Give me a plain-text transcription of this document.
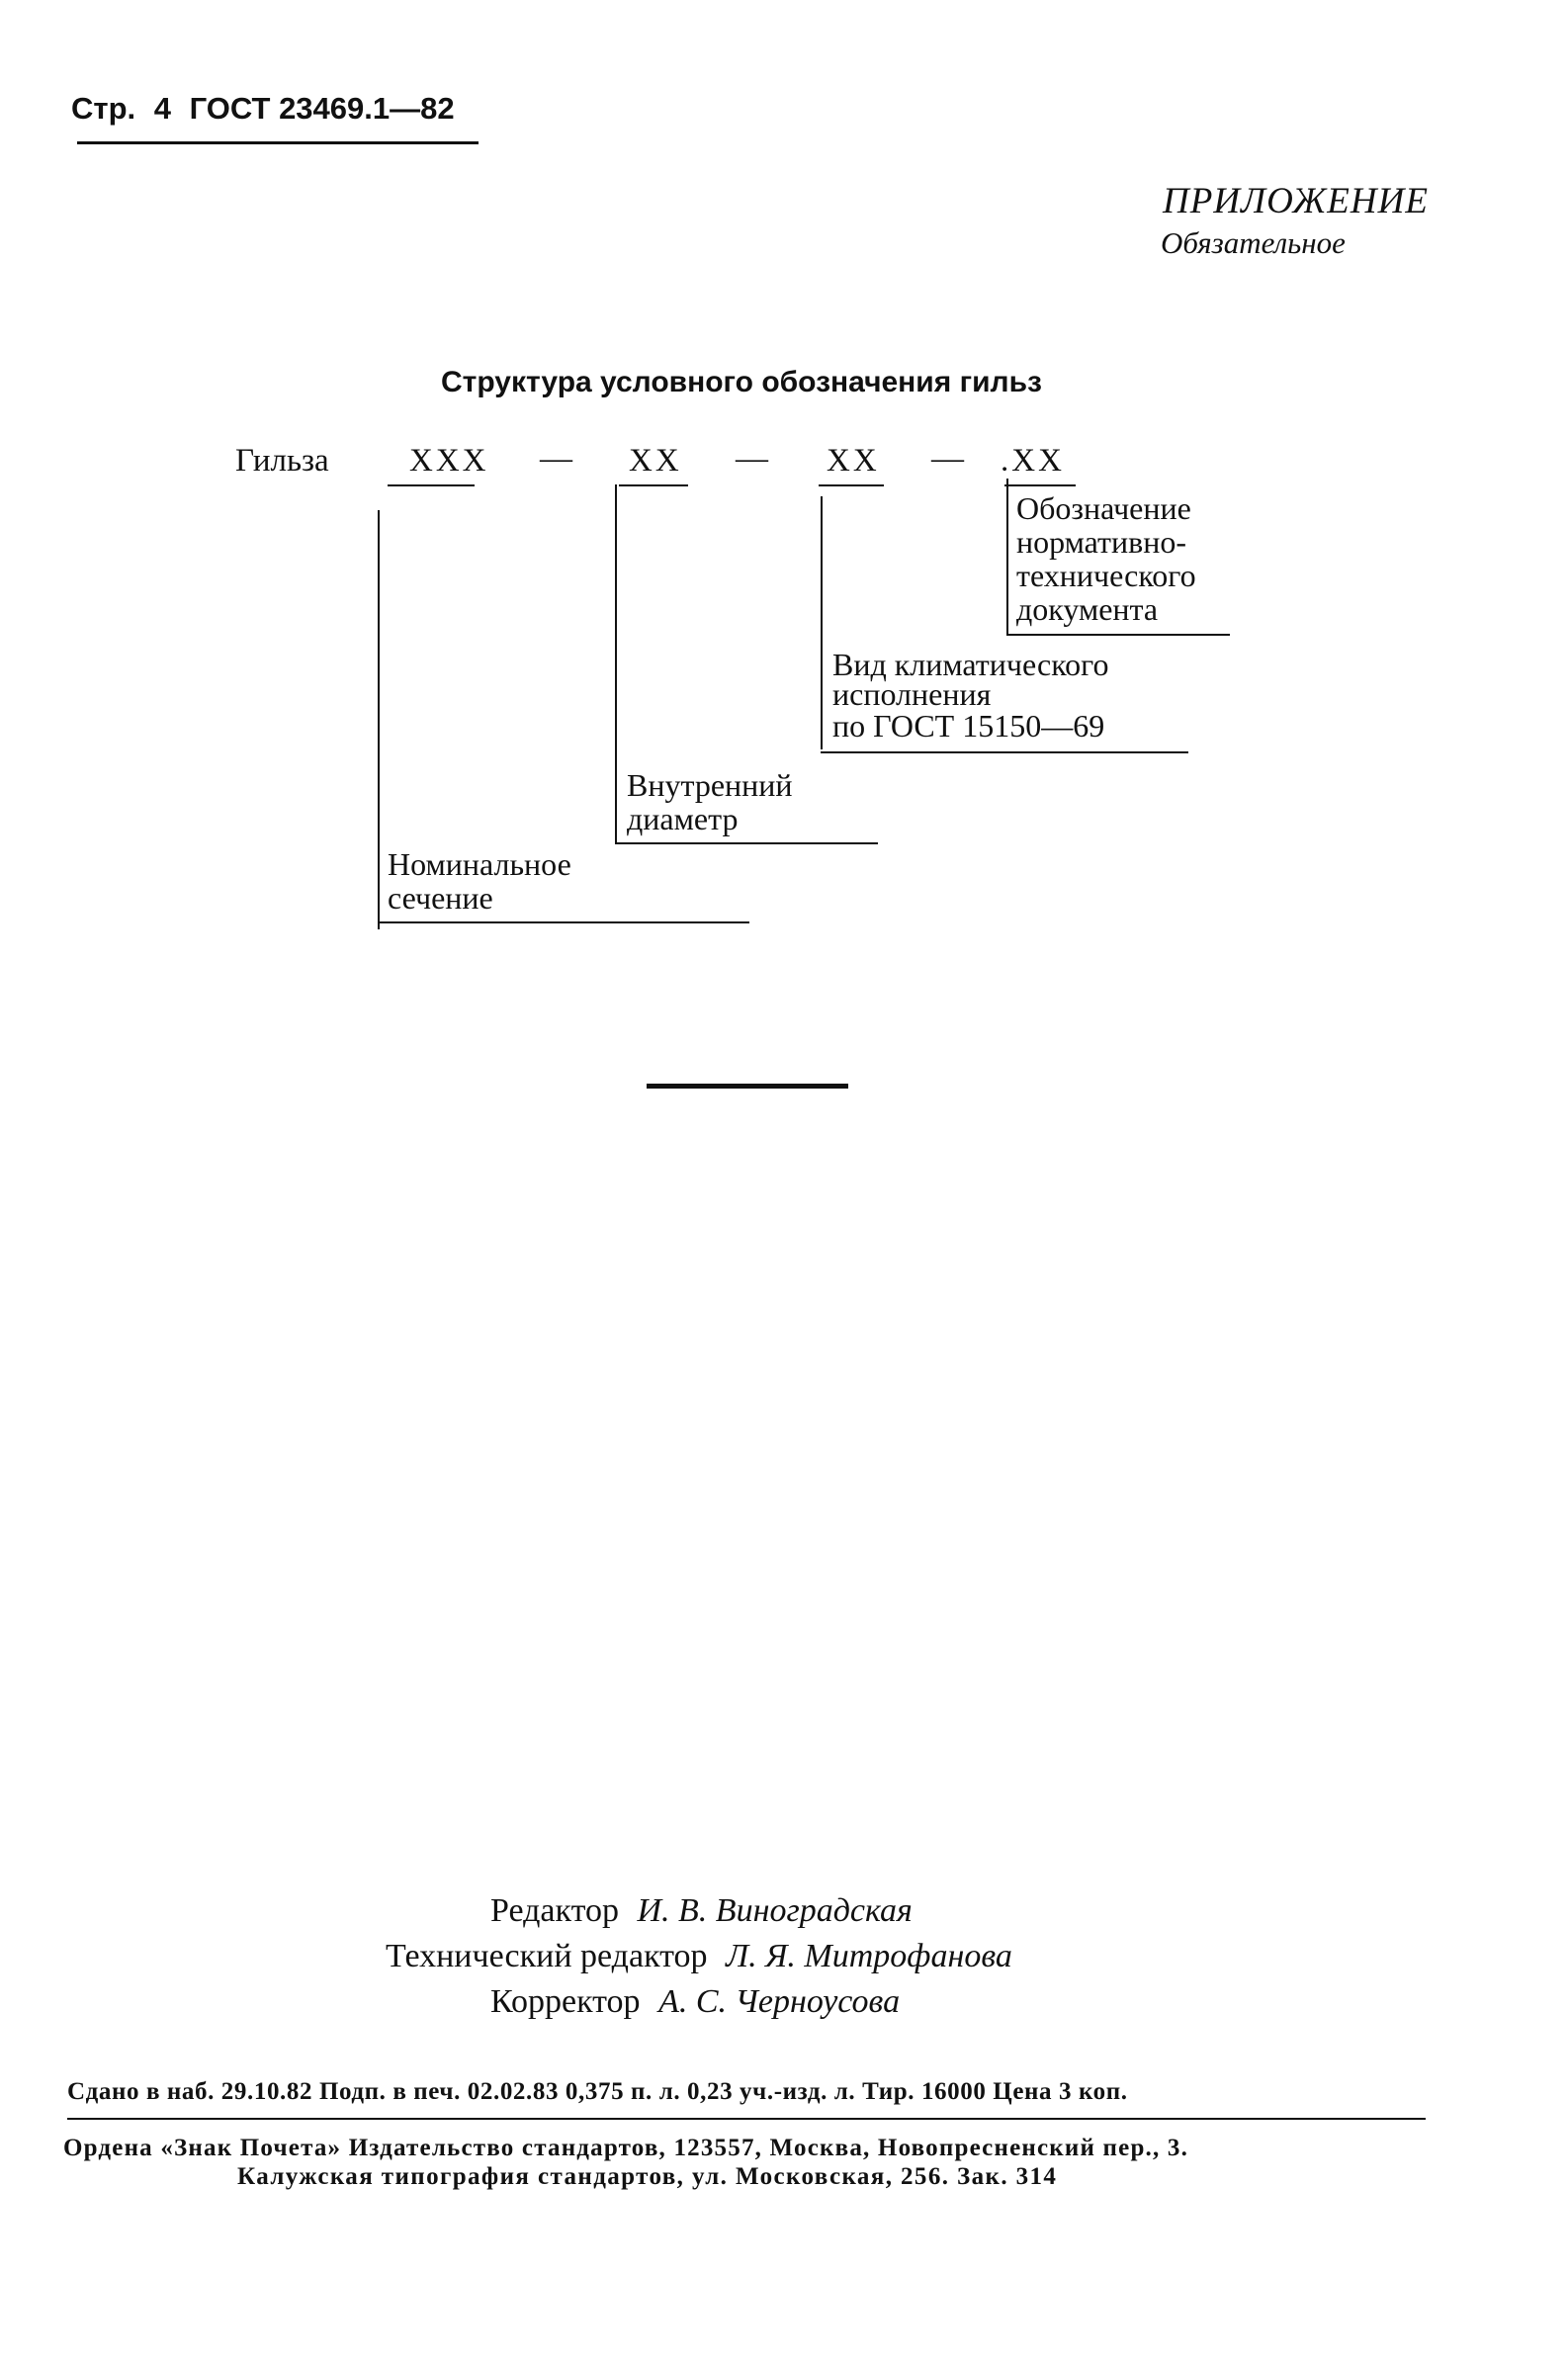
Стр. 4 ГОСТ 23469.1—82
ПРИЛОЖЕНИЕ
Обязательное
Структура условного обозначения гильз
Гильза XXX — XX — XX — .XX
Обозначение
нормативно-
технического
документа
Вид климатического
исполнения
по ГОСТ 15150—69
Внутренний
диаметр
Номинальное
сечение
Редактор И. В. Виноградская
Технический редактор Л. Я. Митрофанова
Корректор А. С. Черноусова
Сдано в наб. 29.10.82 Подп. в печ. 02.02.83 0,375 п. л. 0,23 уч.-изд. л. Тир. 16000 Цена 3 коп.
Ордена «Знак Почета» Издательство стандартов, 123557, Москва, Новопресненский пер., 3.
Калужская типография стандартов, ул. Московская, 256. Зак. 314
